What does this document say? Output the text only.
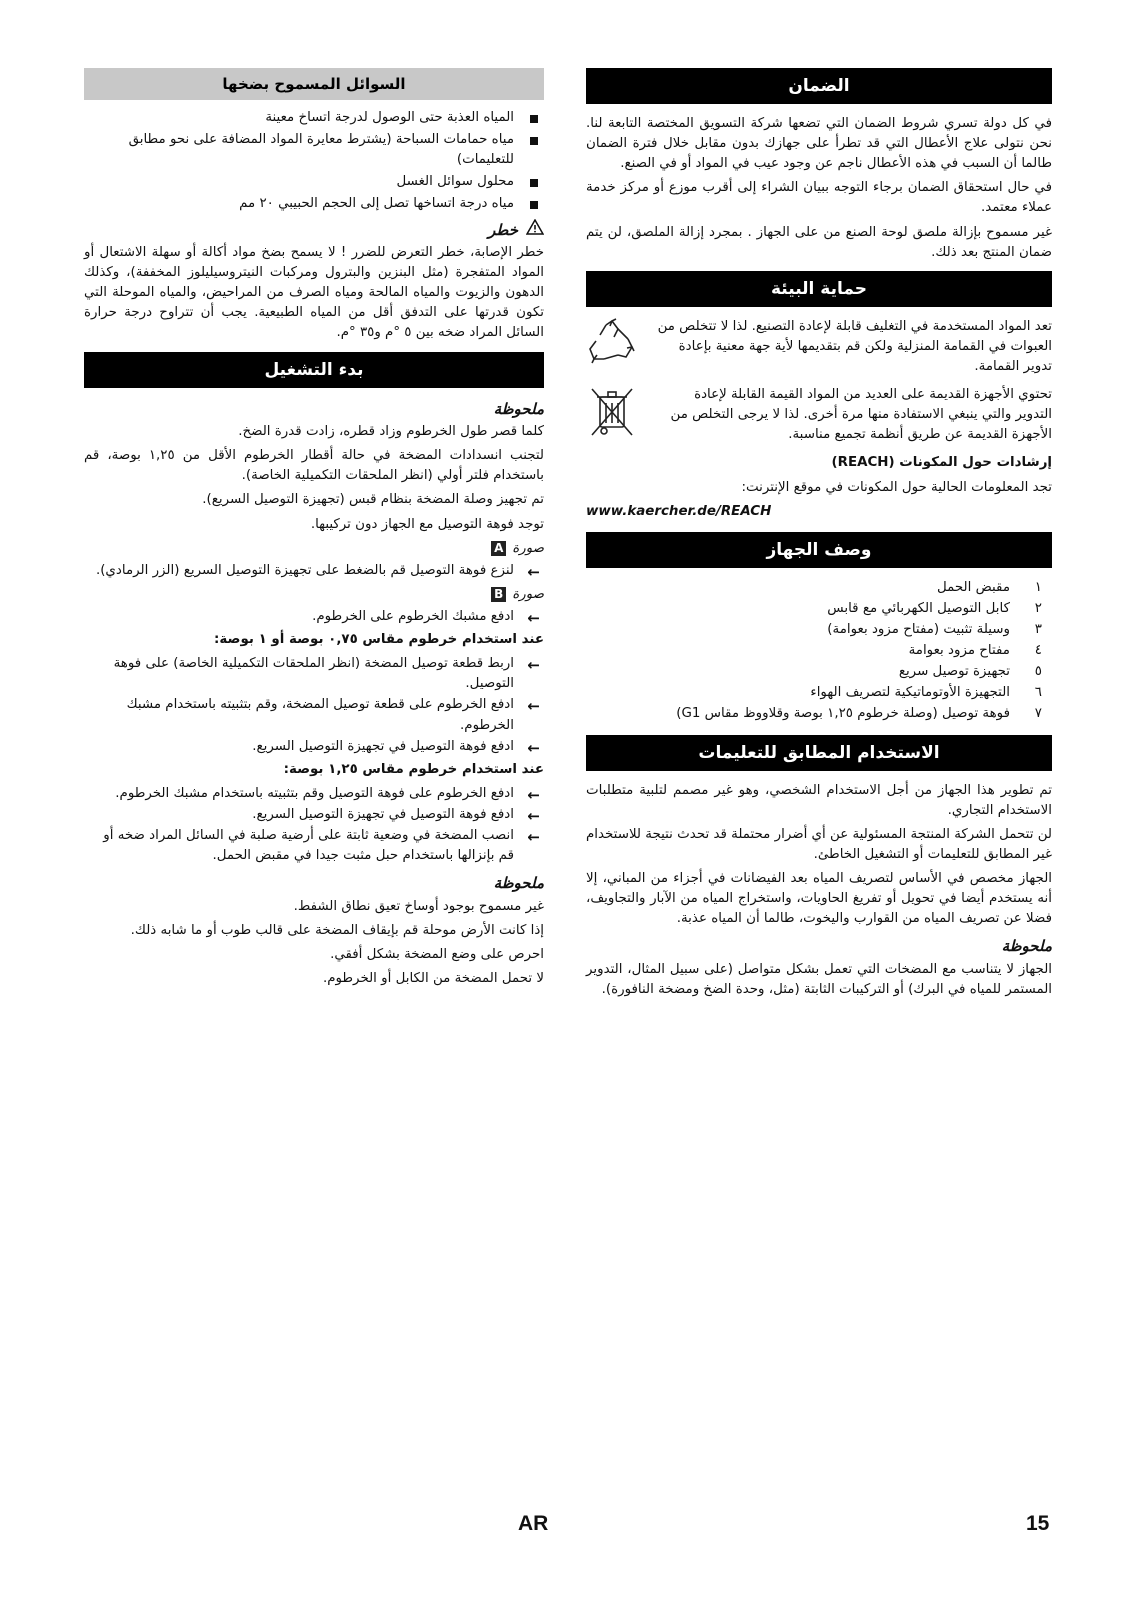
الضمان

في كل دولة تسري شروط الضمان التي تضعها شركة التسويق المختصة التابعة لنا. نحن نتولى علاج الأعطال التي قد تطرأ على جهازك بدون مقابل خلال فترة الضمان طالما أن السبب في هذه الأعطال ناجم عن وجود عيب في المواد أو في الصنع.

في حال استحقاق الضمان برجاء التوجه ببيان الشراء إلى أقرب موزع أو مركز خدمة عملاء معتمد.

غير مسموح بإزالة ملصق لوحة الصنع من على الجهاز . بمجرد إزالة الملصق، لن يتم ضمان المنتج بعد ذلك.

حماية البيئة
تعد المواد المستخدمة في التغليف قابلة لإعادة التصنيع. لذا لا تتخلص من العبوات في القمامة المنزلية ولكن قم بتقديمها لأية جهة معنية بإعادة تدوير القمامة.
تحتوي الأجهزة القديمة على العديد من المواد القيمة القابلة لإعادة التدوير والتي ينبغي الاستفادة منها مرة أخرى. لذا لا يرجى التخلص من الأجهزة القديمة عن طريق أنظمة تجميع مناسبة.

إرشادات حول المكونات (REACH)

تجد المعلومات الحالية حول المكونات في موقع الإنترنت:

www.kaercher.de/REACH

وصف الجهاز
١
مقبض الحمل
٢
كابل التوصيل الكهربائي مع قابس
٣
وسيلة تثبيت (مفتاح مزود بعوامة)
٤
مفتاح مزود بعوامة
٥
تجهيزة توصيل سريع
٦
التجهيزة الأوتوماتيكية لتصريف الهواء
٧
فوهة توصيل (وصلة خرطوم ١,٢٥ بوصة وقلاووظ مقاس G1)
الاستخدام المطابق للتعليمات

تم تطوير هذا الجهاز من أجل الاستخدام الشخصي، وهو غير مصمم لتلبية متطلبات الاستخدام التجاري.

لن تتحمل الشركة المنتجة المسئولية عن أي أضرار محتملة قد تحدث نتيجة للاستخدام غير المطابق للتعليمات أو التشغيل الخاطئ.

الجهاز مخصص في الأساس لتصريف المياه بعد الفيضانات في أجزاء من المباني، إلا أنه يستخدم أيضا في تحويل أو تفريغ الحاويات، واستخراج المياه من الآبار والتجاويف، فضلا عن تصريف المياه من القوارب واليخوت، طالما أن المياه عذبة.

ملحوظة

الجهاز لا يتناسب مع المضخات التي تعمل بشكل متواصل (على سبيل المثال، التدوير المستمر للمياه في البرك) أو التركيبات الثابتة (مثل، وحدة الضخ ومضخة النافورة).

السوائل المسموح بضخها
المياه العذبة حتى الوصول لدرجة اتساخ معينة
مياه حمامات السباحة (يشترط معايرة المواد المضافة على نحو مطابق للتعليمات)
محلول سوائل الغسل
مياه درجة اتساخها تصل إلى الحجم الحبيبي ٢٠ مم
خطر

خطر الإصابة، خطر التعرض للضرر ! لا يسمح بضخ مواد أكالة أو سهلة الاشتعال أو المواد المتفجرة (مثل البنزين والبترول ومركبات النيتروسيليلوز المخففة)، وكذلك الدهون والزيوت والمياه المالحة ومياه الصرف من المراحيض، والمياه الموحلة التي تكون قدرتها على التدفق أقل من المياه الطبيعية. يجب أن تتراوح درجة حرارة السائل المراد ضخه بين ٥ °م و٣٥ °م.

بدء التشغيل
ملحوظة

كلما قصر طول الخرطوم وزاد قطره، زادت قدرة الضخ.

لتجنب انسدادات المضخة في حالة أقطار الخرطوم الأقل من ١,٢٥ بوصة، قم باستخدام فلتر أولي (انظر الملحقات التكميلية الخاصة).

تم تجهيز وصلة المضخة بنظام قبس (تجهيزة التوصيل السريع).

توجد فوهة التوصيل مع الجهاز دون تركيبها.

صورة
A
←
لنزع فوهة التوصيل قم بالضغط على تجهيزة التوصيل السريع (الزر الرمادي).
صورة
B
←
ادفع مشبك الخرطوم على الخرطوم.

عند استخدام خرطوم مقاس ٠,٧٥ بوصة أو ١ بوصة:

←
اربط قطعة توصيل المضخة (انظر الملحقات التكميلية الخاصة) على فوهة التوصيل.
←
ادفع الخرطوم على قطعة توصيل المضخة، وقم بتثبيته باستخدام مشبك الخرطوم.
←
ادفع فوهة التوصيل في تجهيزة التوصيل السريع.

عند استخدام خرطوم مقاس ١,٢٥ بوصة:

←
ادفع الخرطوم على فوهة التوصيل وقم بتثبيته باستخدام مشبك الخرطوم.
←
ادفع فوهة التوصيل في تجهيزة التوصيل السريع.
←
انصب المضخة في وضعية ثابتة على أرضية صلبة في السائل المراد ضخه أو قم بإنزالها باستخدام حبل مثبت جيدا في مقبض الحمل.
ملحوظة

غير مسموح بوجود أوساخ تعيق نطاق الشفط.

إذا كانت الأرض موحلة قم بإيقاف المضخة على قالب طوب أو ما شابه ذلك.

احرص على وضع المضخة بشكل أفقي.

لا تحمل المضخة من الكابل أو الخرطوم.

AR	15
